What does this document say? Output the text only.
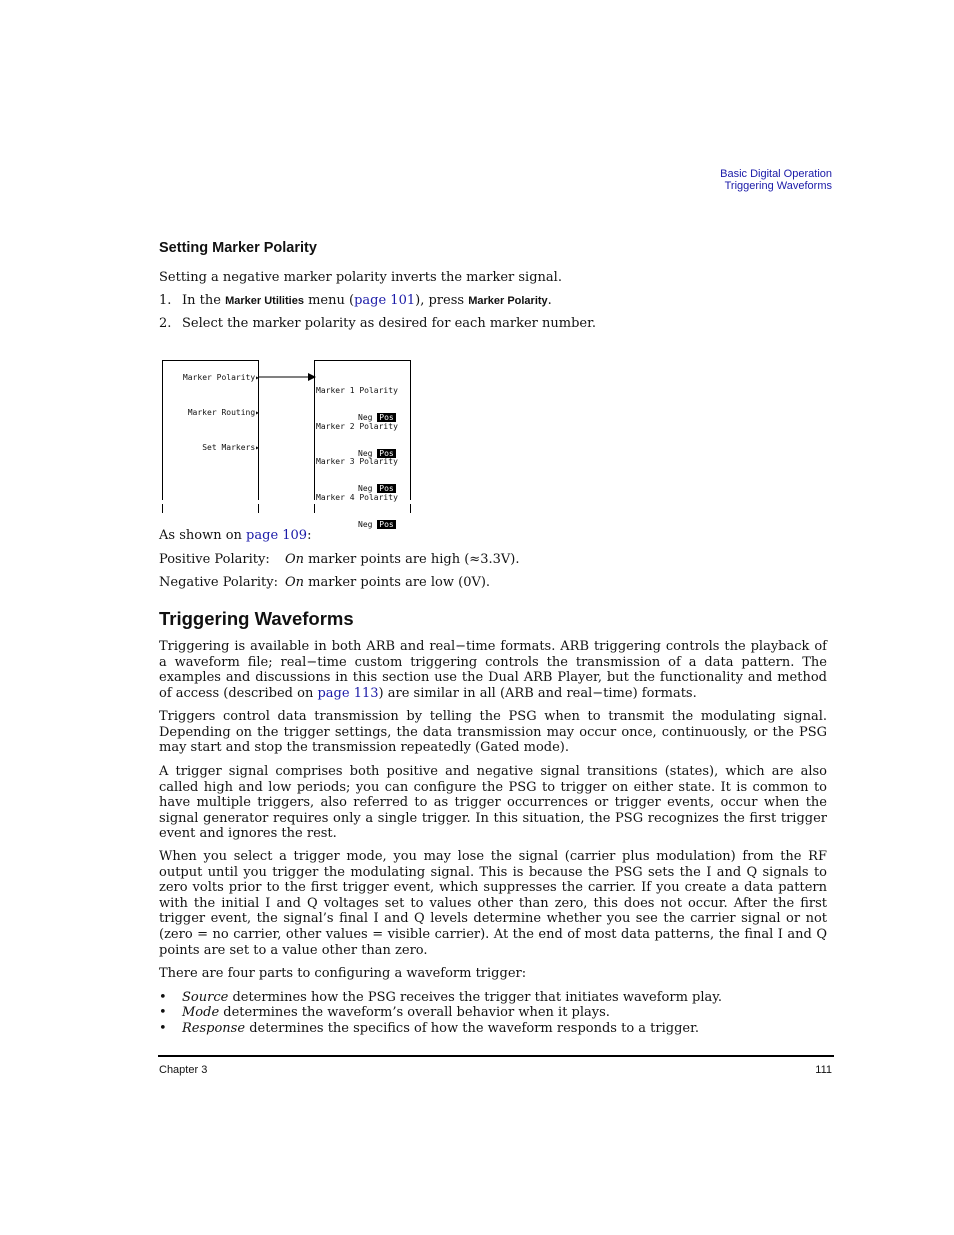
Basic Digital Operation
Triggering Waveforms
Setting Marker Polarity
Setting a negative marker polarity inverts the marker signal.
1. In the Marker Utilities menu (page 101), press Marker Polarity.
2. Select the marker polarity as desired for each marker number.
Marker Polarity▸
Marker Routing▸
Set Markers▸

Marker 1 Polarity

Neg Pos

Marker 2 Polarity

Neg Pos

Marker 3 Polarity

Neg Pos

Marker 4 Polarity

Neg Pos

As shown on page 109:
Positive Polarity: On marker points are high (≈3.3V).
Negative Polarity: On marker points are low (0V).
Triggering Waveforms
Triggering is available in both ARB and real−time formats. ARB triggering controls the playback of a waveform file; real−time custom triggering controls the transmission of a data pattern. The examples and discussions in this section use the Dual ARB Player, but the functionality and method of access (described on page 113) are similar in all (ARB and real−time) formats.
Triggers control data transmission by telling the PSG when to transmit the modulating signal. Depending on the trigger settings, the data transmission may occur once, continuously, or the PSG may start and stop the transmission repeatedly (Gated mode).
A trigger signal comprises both positive and negative signal transitions (states), which are also called high and low periods; you can configure the PSG to trigger on either state. It is common to have multiple triggers, also referred to as trigger occurrences or trigger events, occur when the signal generator requires only a single trigger. In this situation, the PSG recognizes the first trigger event and ignores the rest.
When you select a trigger mode, you may lose the signal (carrier plus modulation) from the RF output until you trigger the modulating signal. This is because the PSG sets the I and Q signals to zero volts prior to the first trigger event, which suppresses the carrier. If you create a data pattern with the initial I and Q voltages set to values other than zero, this does not occur. After the first trigger event, the signal’s final I and Q levels determine whether you see the carrier signal or not (zero = no carrier, other values = visible carrier). At the end of most data patterns, the final I and Q points are set to a value other than zero.
There are four parts to configuring a waveform trigger:
• Source determines how the PSG receives the trigger that initiates waveform play.
• Mode determines the waveform’s overall behavior when it plays.
• Response determines the specifics of how the waveform responds to a trigger.
Chapter 3	111
